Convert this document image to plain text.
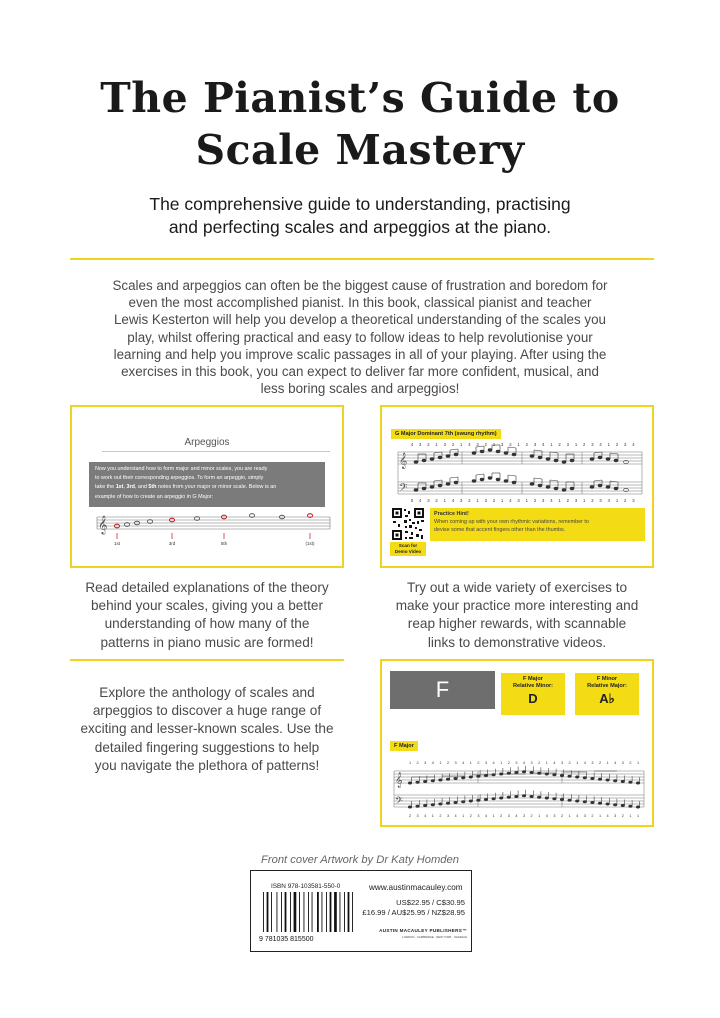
The Pianist’s Guide to
Scale Mastery
The comprehensive guide to understanding, practising
and perfecting scales and arpeggios at the piano.
Scales and arpeggios can often be the biggest cause of frustration and boredom for even the most accomplished pianist. In this book, classical pianist and teacher Lewis Kesterton will help you develop a theoretical understanding of the scales you play, whilst offering practical and easy to follow ideas to help revolutionise your learning and help you improve scalic passages in all of your playing. After using the exercises in this book, you can expect to deliver far more confident, musical, and less boring scales and arpeggios!
Arpeggios
Now you understand how to form major and minor scales, you are ready
to work out their corresponding arpeggios. To form an arpeggio, simply
take the 1st, 3rd, and 5th notes from your major or minor scale. Below is an
example of how to create an arpeggio in G Major:
𝄞
1st	3rd	5th	(1st)
G Major Dominant 7th (swung rhythm)
𝄞
𝄢
4 3 2 1 3 2 1 4 3 2 1 3 2 1 2 3 4 1 2 3 1 2 3 4 1 2 3 4
5 4 3 2 1 4 3 2 1 3 2 1 4 3 1 2 3 4 1 2 3 1 2 3 4 1 2 3
Scan for
Demo Video
Practice Hint!
When coming up with your own rhythmic variations, remember to
devise some that accent fingers other than the thumbs.
Read detailed explanations of the theory
behind your scales, giving you a better
understanding of how many of the
patterns in piano music are formed!
Try out a wide variety of exercises to
make your practice more interesting and
reap higher rewards, with scannable
links to demonstrative videos.
Explore the anthology of scales and
arpeggios to discover a huge range of
exciting and lesser-known scales. Use the
detailed fingering suggestions to help
you navigate the plethora of patterns!
F	F Major
Relative Minor:
D
F Minor
Relative Major:
A♭
F Major
𝄞
𝄢
1
2
2
3
3
4
4
1
1
2
2
3
3
4
4
1
1
2
2
3
3
4
4
1
1
2
2
3
3
4
4
3
3
2
2
1
1
4
4
3
3
2
2
1
1
4
4
3
3
2
2
1
1
4
4
3
3
2
2
1
1
1
Front cover Artwork by Dr Katy Homden
ISBN 978-103581-550-0
9 781035 815500
www.austinmacauley.com
US$22.95 / C$30.95
£16.99 / AU$25.95 / NZ$28.95
AUSTIN MACAULEY PUBLISHERS™
LONDON · CAMBRIDGE · NEW YORK · SHARJAH
